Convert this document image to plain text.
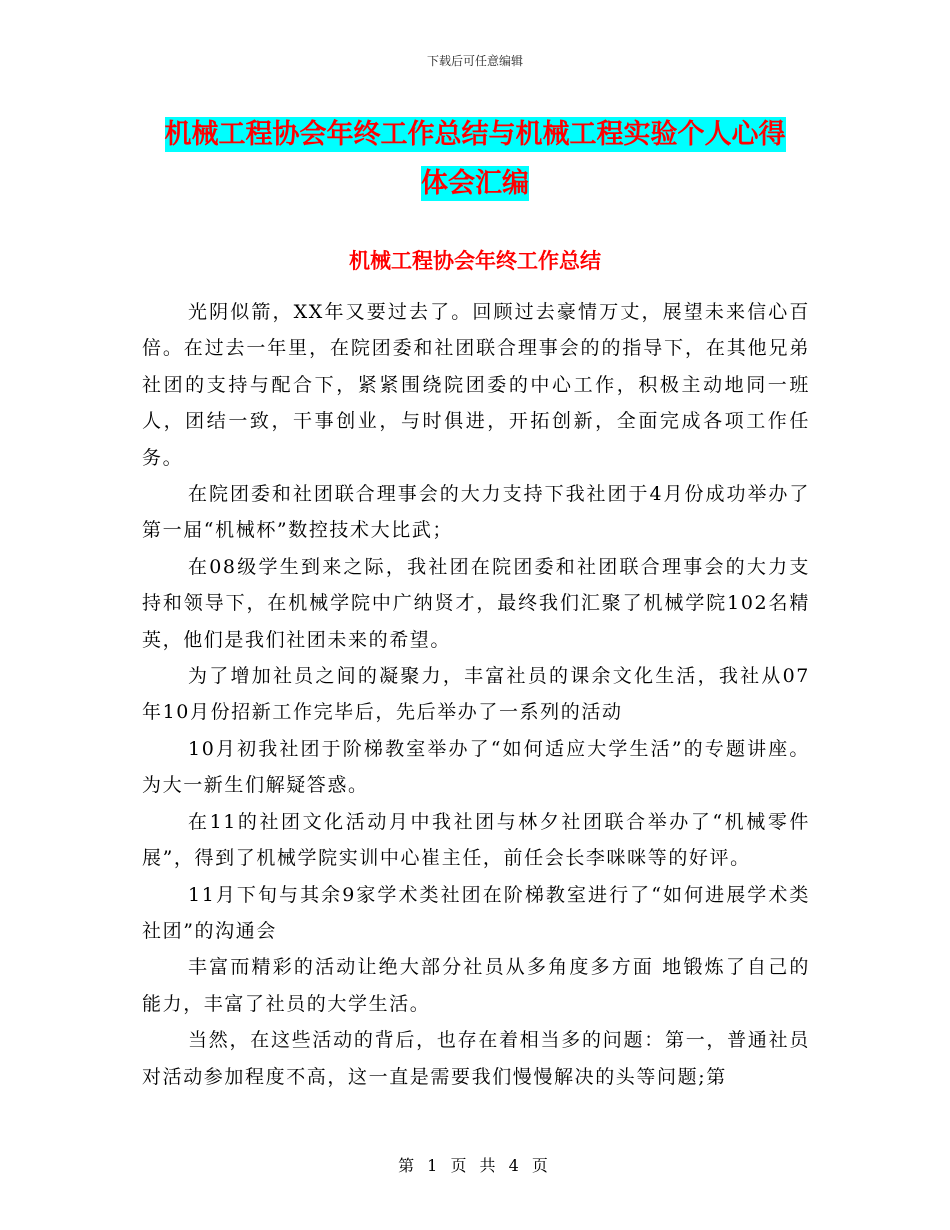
下载后可任意编辑
机械工程协会年终工作总结与机械工程实验个人心得
体会汇编
机械工程协会年终工作总结

光阴似箭，XX年又要过去了。回顾过去豪情万丈，展望未来信心百倍。在过去一年里，在院团委和社团联合理事会的的指导下，在其他兄弟社团的支持与配合下，紧紧围绕院团委的中心工作，积极主动地同一班人，团结一致，干事创业，与时俱进，开拓创新，全面完成各项工作任务。

在院团委和社团联合理事会的大力支持下我社团于4月份成功举办了第一届“机械杯”数控技术大比武；

在08级学生到来之际，我社团在院团委和社团联合理事会的大力支持和领导下，在机械学院中广纳贤才，最终我们汇聚了机械学院102名精英，他们是我们社团未来的希望。

为了增加社员之间的凝聚力，丰富社员的课余文化生活，我社从07年10月份招新工作完毕后，先后举办了一系列的活动

10月初我社团于阶梯教室举办了“如何适应大学生活”的专题讲座。为大一新生们解疑答惑。

在11的社团文化活动月中我社团与林夕社团联合举办了“机械零件展”，得到了机械学院实训中心崔主任，前任会长李咪咪等的好评。

11月下旬与其余9家学术类社团在阶梯教室进行了“如何进展学术类社团”的沟通会

丰富而精彩的活动让绝大部分社员从多角度多方面 地锻炼了自己的能力，丰富了社员的大学生活。

当然，在这些活动的背后，也存在着相当多的问题：第一，普通社员对活动参加程度不高，这一直是需要我们慢慢解决的头等问题;第

第 1 页 共 4 页
